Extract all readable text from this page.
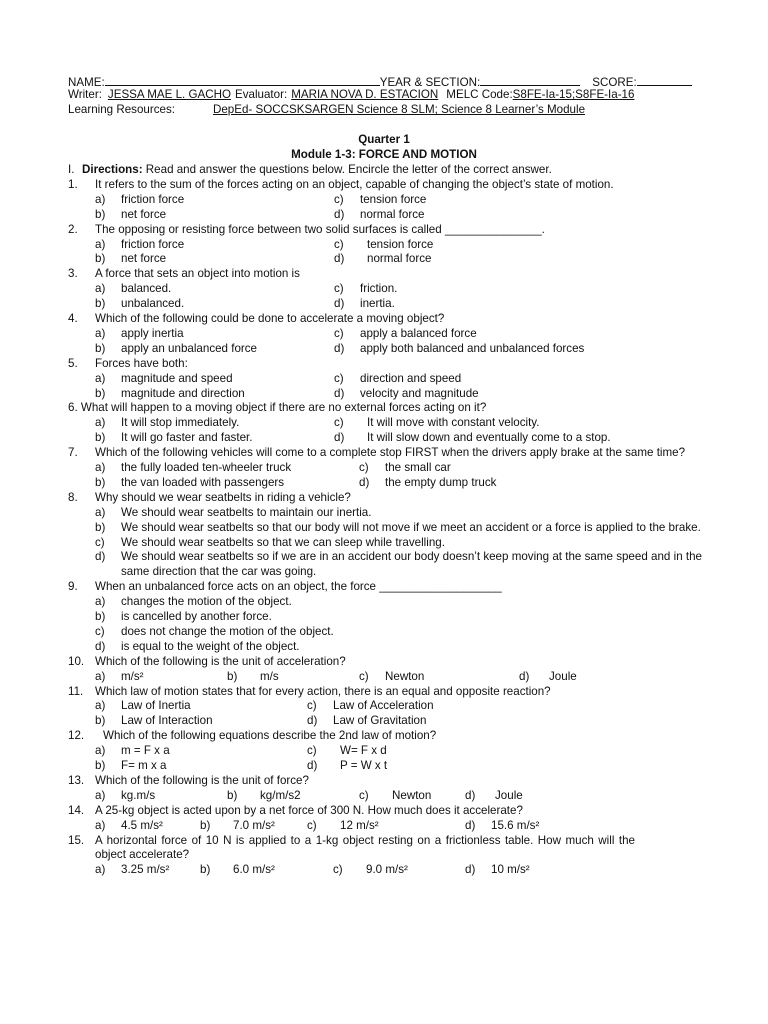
NAME:	YEAR & SECTION:	SCORE:
Writer: JESSA MAE L. GACHO Evaluator: MARIA NOVA D. ESTACION MELC Code:S8FE-Ia-15;S8FE-Ia-16
Learning Resources:	DepEd- SOCCSKSARGEN Science 8 SLM; Science 8 Learner’s Module
Quarter 1
Module 1-3: FORCE AND MOTION
I. Directions: Read and answer the questions below. Encircle the letter of the correct answer.
1.	It refers to the sum of the forces acting on an object, capable of changing the object’s state of motion.
a) friction force	c) tension force
b) net force	d) normal force
2.	The opposing or resisting force between two solid surfaces is called _______________.
a) friction force	c) tension force
b) net force	d) normal force
3.	A force that sets an object into motion is
a) balanced.	c) friction.
b) unbalanced.	d) inertia.
4.	Which of the following could be done to accelerate a moving object?
a) apply inertia	c) apply a balanced force
b) apply an unbalanced force	d) apply both balanced and unbalanced forces
5.	Forces have both:
a) magnitude and speed	c) direction and speed
b) magnitude and direction	d) velocity and magnitude
6. What will happen to a moving object if there are no external forces acting on it?
a) It will stop immediately.	c) It will move with constant velocity.
b) It will go faster and faster.	d) It will slow down and eventually come to a stop.
7.	Which of the following vehicles will come to a complete stop FIRST when the drivers apply brake at the same time?
a) the fully loaded ten-wheeler truck	c) the small car
b) the van loaded with passengers	d) the empty dump truck
8.	Why should we wear seatbelts in riding a vehicle?
a)	We should wear seatbelts to maintain our inertia.
b)	We should wear seatbelts so that our body will not move if we meet an accident or a force is applied to the brake.
c)	We should wear seatbelts so that we can sleep while travelling.
d)	We should wear seatbelts so if we are in an accident our body doesn’t keep moving at the same speed and in the same direction that the car was going.
9.	When an unbalanced force acts on an object, the force ___________________
a)	changes the motion of the object.
b)	is cancelled by another force.
c)	does not change the motion of the object.
d)	is equal to the weight of the object.
10. Which of the following is the unit of acceleration?
a) m/s²	b) m/s	c) Newton	d) Joule
11.	Which law of motion states that for every action, there is an equal and opposite reaction?
a) Law of Inertia	c) Law of Acceleration
b) Law of Interaction	d) Law of Gravitation
12.	Which of the following equations describe the 2nd law of motion?
a) m = F x a	c) W= F x d
b) F= m x a	d) P = W x t
13. Which of the following is the unit of force?
a) kg.m/s	b) kg/m/s2	c) Newton	d) Joule
14. A 25-kg object is acted upon by a net force of 300 N. How much does it accelerate?
a) 4.5 m/s²	b) 7.0 m/s²	c) 12 m/s²	d) 15.6 m/s²
15. A horizontal force of 10 N is applied to a 1-kg object resting on a frictionless table. How much will the object accelerate?
a) 3.25 m/s²	b) 6.0 m/s²	c) 9.0 m/s²	d) 10 m/s²
